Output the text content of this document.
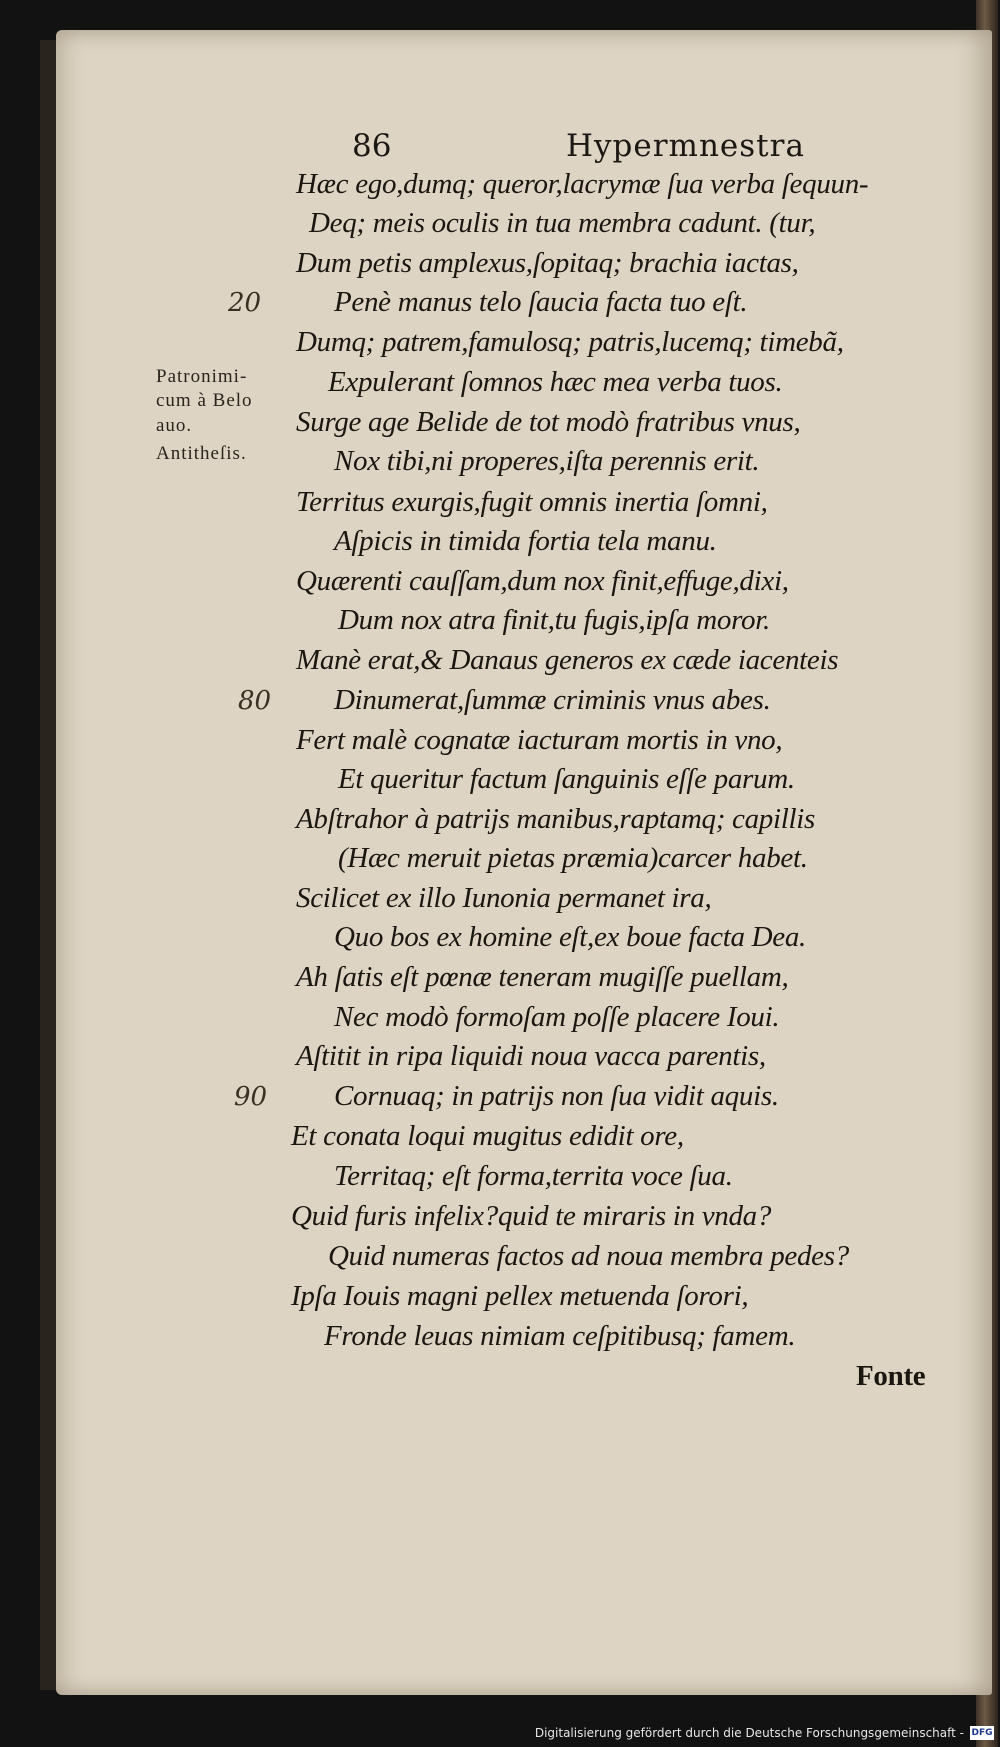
86	Hypermnestra
Hæc ego,dumq; queror,lacrymæ ſua verba ſequun-
Deq; meis oculis in tua membra cadunt. (tur,
Dum petis amplexus,ſopitaq; brachia iactas,
Penè manus telo ſaucia facta tuo eſt.
Dumq; patrem,famulosq; patris,lucemq; timebã,
Expulerant ſomnos hæc mea verba tuos.
Surge age Belide de tot modò fratribus vnus,
Nox tibi,ni properes,iſta perennis erit.
Territus exurgis,fugit omnis inertia ſomni,
Aſpicis in timida fortia tela manu.
Quærenti cauſſam,dum nox finit,effuge,dixi,
Dum nox atra finit,tu fugis,ipſa moror.
Manè erat,& Danaus generos ex cæde iacenteis
Dinumerat,ſummæ criminis vnus abes.
Fert malè cognatæ iacturam mortis in vno,
Et queritur factum ſanguinis eſſe parum.
Abſtrahor à patrijs manibus,raptamq; capillis
(Hæc meruit pietas præmia)carcer habet.
Scilicet ex illo Iunonia permanet ira,
Quo bos ex homine eſt,ex boue facta Dea.
Ah ſatis eſt pœnæ teneram mugiſſe puellam,
Nec modò formoſam poſſe placere Ioui.
Aſtitit in ripa liquidi noua vacca parentis,
Cornuaq; in patrijs non ſua vidit aquis.
Et conata loqui mugitus edidit ore,
Territaq; eſt forma,territa voce ſua.
Quid furis infelix?quid te miraris in vnda?
Quid numeras factos ad noua membra pedes?
Ipſa Iouis magni pellex metuenda ſorori,
Fronde leuas nimiam ceſpitibusq; famem.
Fonte
Patronimi-
cum à Belo
auo.
Antitheſis.
20
80
90
Digitalisierung gefördert durch die Deutsche Forschungsgemeinschaft - DFG
